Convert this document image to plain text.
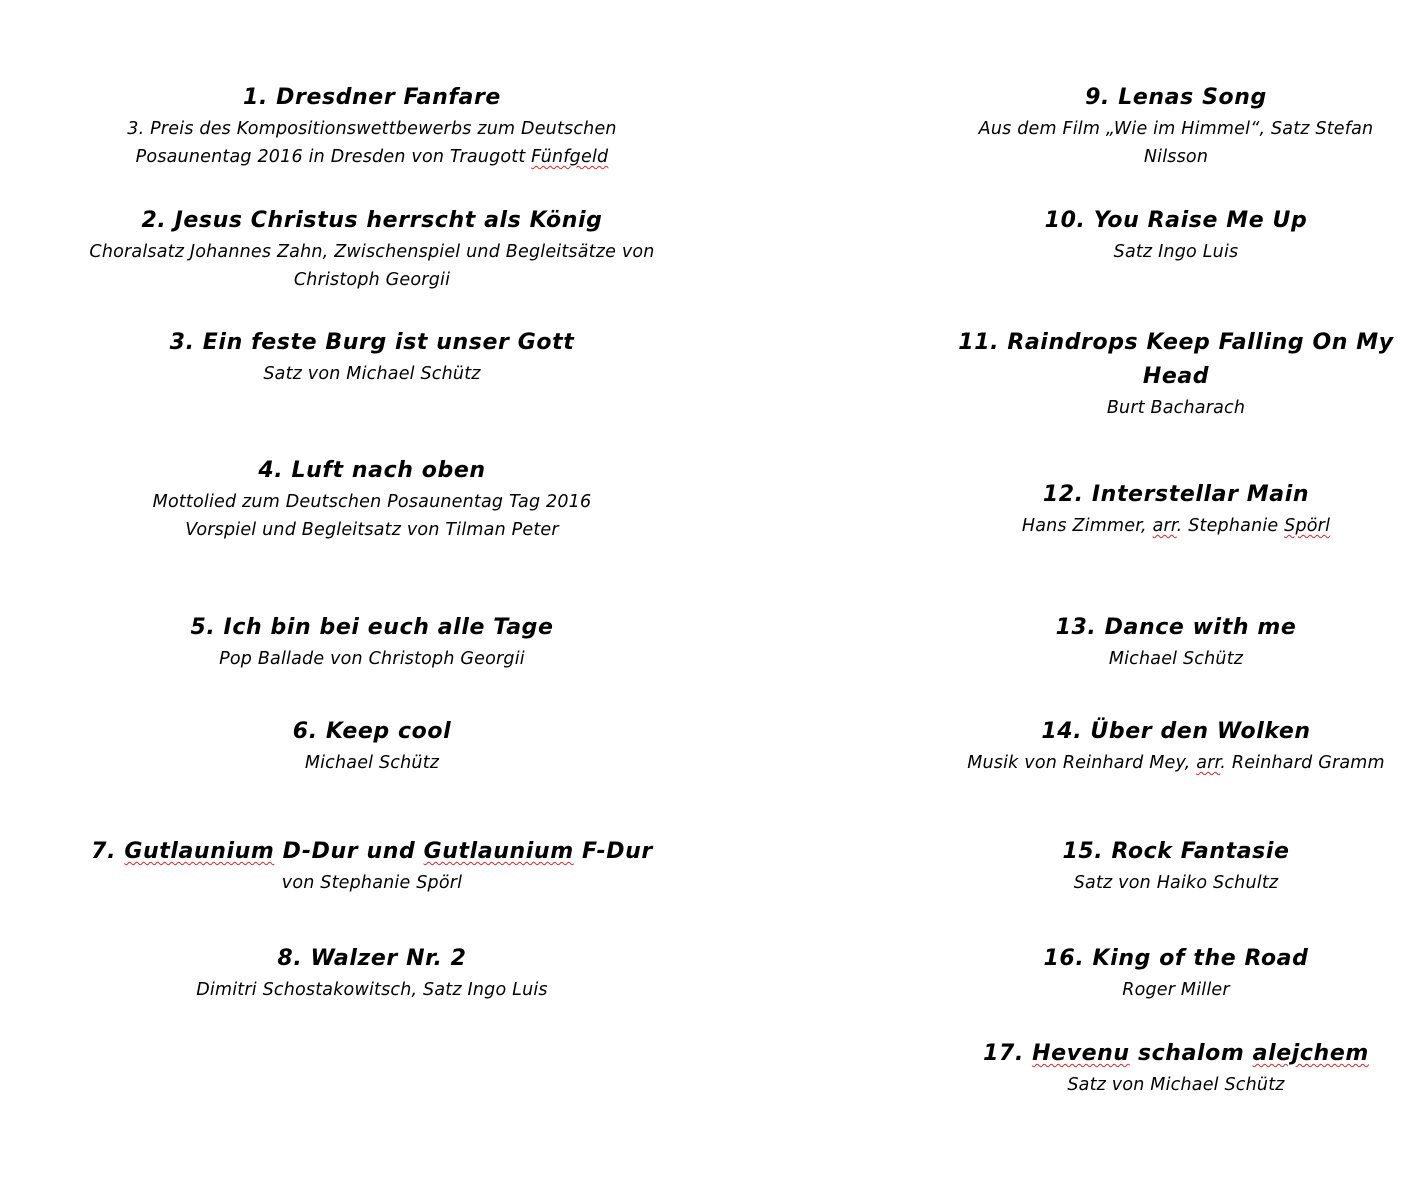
1. Dresdner Fanfare
3. Preis des Kompositionswettbewerbs zum Deutschen
Posaunentag 2016 in Dresden von Traugott Fünfgeld
2. Jesus Christus herrscht als König
Choralsatz Johannes Zahn, Zwischenspiel und Begleitsätze von
Christoph Georgii
3. Ein feste Burg ist unser Gott
Satz von Michael Schütz
4. Luft nach oben
Mottolied zum Deutschen Posaunentag Tag 2016
Vorspiel und Begleitsatz von Tilman Peter
5. Ich bin bei euch alle Tage
Pop Ballade von Christoph Georgii
6. Keep cool
Michael Schütz
7. Gutlaunium D-Dur und Gutlaunium F-Dur
von Stephanie Spörl
8. Walzer Nr. 2
Dimitri Schostakowitsch, Satz Ingo Luis
9. Lenas Song
Aus dem Film „Wie im Himmel“, Satz Stefan
Nilsson
10. You Raise Me Up
Satz Ingo Luis
11. Raindrops Keep Falling On My
Head
Burt Bacharach
12. Interstellar Main
Hans Zimmer, arr. Stephanie Spörl
13. Dance with me
Michael Schütz
14. Über den Wolken
Musik von Reinhard Mey, arr. Reinhard Gramm
15. Rock Fantasie
Satz von Haiko Schultz
16. King of the Road
Roger Miller
17. Hevenu schalom alejchem
Satz von Michael Schütz
